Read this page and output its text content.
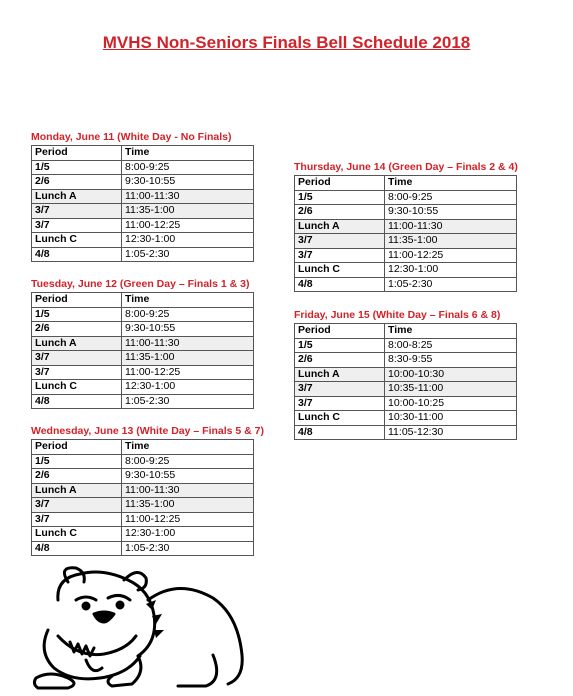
MVHS Non-Seniors Finals Bell Schedule 2018
Monday, June 11 (White Day - No Finals)
Period	Time
1/5	8:00-9:25
2/6	9:30-10:55
Lunch A	11:00-11:30
3/7	11:35-1:00
3/7	11:00-12:25
Lunch C	12:30-1:00
4/8	1:05-2:30
Tuesday, June 12 (Green Day – Finals 1 & 3)
Period	Time
1/5	8:00-9:25
2/6	9:30-10:55
Lunch A	11:00-11:30
3/7	11:35-1:00
3/7	11:00-12:25
Lunch C	12:30-1:00
4/8	1:05-2:30
Wednesday, June 13 (White Day – Finals 5 & 7)
Period	Time
1/5	8:00-9:25
2/6	9:30-10:55
Lunch A	11:00-11:30
3/7	11:35-1:00
3/7	11:00-12:25
Lunch C	12:30-1:00
4/8	1:05-2:30
Thursday, June 14 (Green Day – Finals 2 & 4)
Period	Time
1/5	8:00-9:25
2/6	9:30-10:55
Lunch A	11:00-11:30
3/7	11:35-1:00
3/7	11:00-12:25
Lunch C	12:30-1:00
4/8	1:05-2:30
Friday, June 15 (White Day – Finals 6 & 8)
Period	Time
1/5	8:00-8:25
2/6	8:30-9:55
Lunch A	10:00-10:30
3/7	10:35-11:00
3/7	10:00-10:25
Lunch C	10:30-11:00
4/8	11:05-12:30
